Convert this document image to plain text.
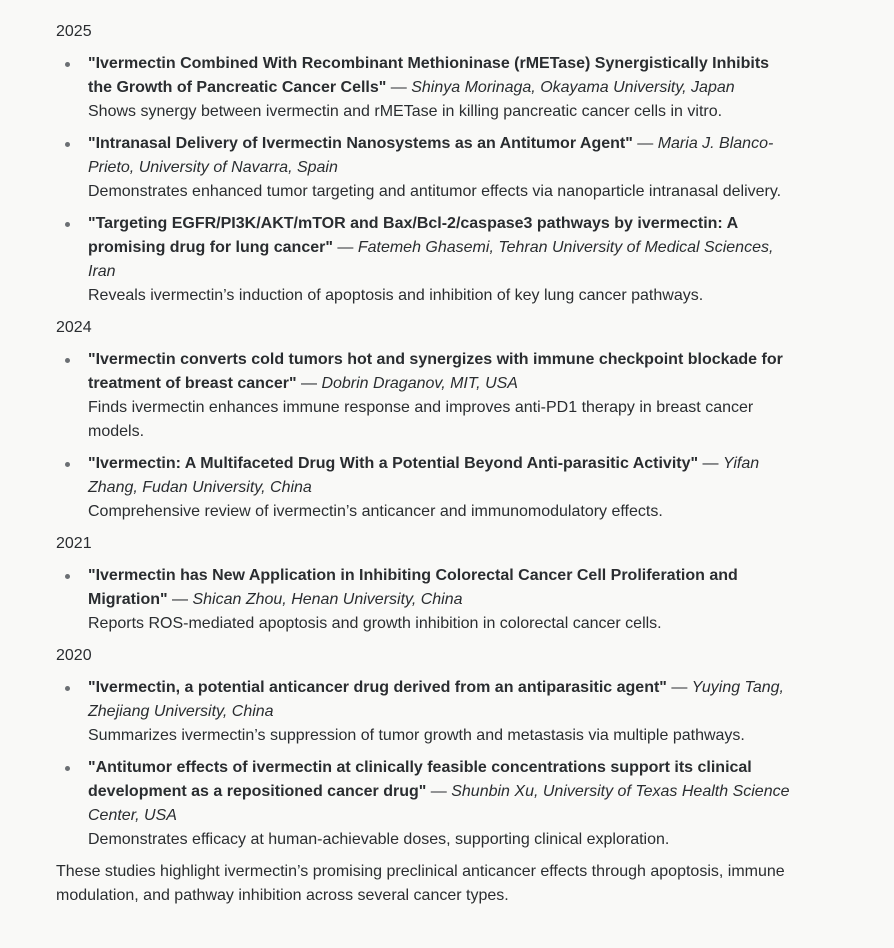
2025
"Ivermectin Combined With Recombinant Methioninase (rMETase) Synergistically Inhibits the Growth of Pancreatic Cancer Cells" — Shinya Morinaga, Okayama University, Japan
Shows synergy between ivermectin and rMETase in killing pancreatic cancer cells in vitro.
"Intranasal Delivery of Ivermectin Nanosystems as an Antitumor Agent" — Maria J. Blanco-Prieto, University of Navarra, Spain
Demonstrates enhanced tumor targeting and antitumor effects via nanoparticle intranasal delivery.
"Targeting EGFR/PI3K/AKT/mTOR and Bax/Bcl-2/caspase3 pathways by ivermectin: A promising drug for lung cancer" — Fatemeh Ghasemi, Tehran University of Medical Sciences, Iran
Reveals ivermectin’s induction of apoptosis and inhibition of key lung cancer pathways.
2024
"Ivermectin converts cold tumors hot and synergizes with immune checkpoint blockade for treatment of breast cancer" — Dobrin Draganov, MIT, USA
Finds ivermectin enhances immune response and improves anti-PD1 therapy in breast cancer models.
"Ivermectin: A Multifaceted Drug With a Potential Beyond Anti-parasitic Activity" — Yifan Zhang, Fudan University, China
Comprehensive review of ivermectin’s anticancer and immunomodulatory effects.
2021
"Ivermectin has New Application in Inhibiting Colorectal Cancer Cell Proliferation and Migration" — Shican Zhou, Henan University, China
Reports ROS-mediated apoptosis and growth inhibition in colorectal cancer cells.
2020
"Ivermectin, a potential anticancer drug derived from an antiparasitic agent" — Yuying Tang, Zhejiang University, China
Summarizes ivermectin’s suppression of tumor growth and metastasis via multiple pathways.
"Antitumor effects of ivermectin at clinically feasible concentrations support its clinical development as a repositioned cancer drug" — Shunbin Xu, University of Texas Health Science Center, USA
Demonstrates efficacy at human-achievable doses, supporting clinical exploration.

These studies highlight ivermectin’s promising preclinical anticancer effects through apoptosis, immune modulation, and pathway inhibition across several cancer types.
